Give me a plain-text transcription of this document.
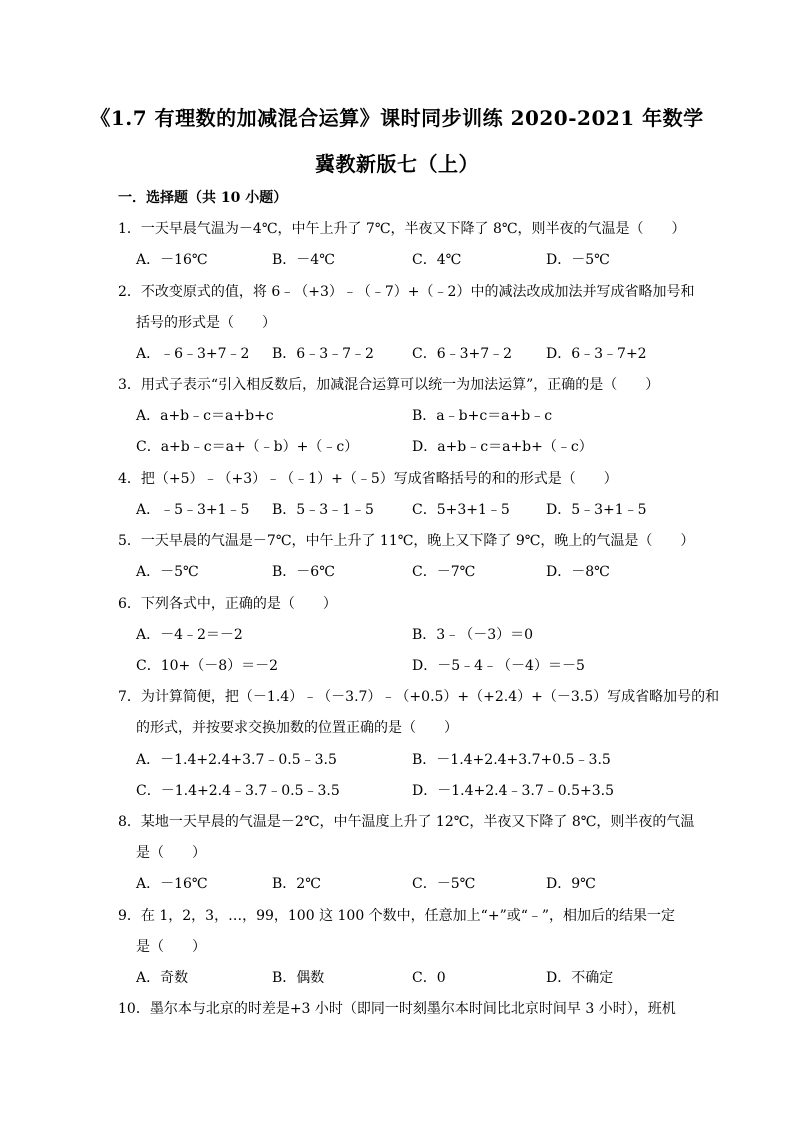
《1.7 有理数的加减混合运算》课时同步训练 2020-2021 年数学
冀教新版七（上）
一．选择题（共 10 小题）
1．一天早晨气温为－4℃，中午上升了 7℃，半夜又下降了 8℃，则半夜的气温是（　　）
A．－16℃	B．－4℃	C．4℃	D．－5℃
2．不改变原式的值，将 6﹣（+3）﹣（﹣7）+（﹣2）中的减法改成加法并写成省略加号和
括号的形式是（　　）
A．﹣6﹣3+7﹣2 B．6﹣3﹣7﹣2	C．6﹣3+7﹣2 D．6﹣3﹣7+2
3．用式子表示“引入相反数后，加减混合运算可以统一为加法运算”，正确的是（　　）
A．a+b﹣c＝a+b+c	B．a﹣b+c＝a+b﹣c
C．a+b﹣c＝a+（﹣b）+（﹣c）	D．a+b﹣c＝a+b+（﹣c）
4．把（+5）﹣（+3）﹣（﹣1）+（﹣5）写成省略括号的和的形式是（　　）
A．﹣5﹣3+1﹣5 B．5﹣3﹣1﹣5	C．5+3+1﹣5	D．5﹣3+1﹣5
5．一天早晨的气温是－7℃，中午上升了 11℃，晚上又下降了 9℃，晚上的气温是（　　）
A．－5℃	B．－6℃	C．－7℃	D．－8℃
6．下列各式中，正确的是（　　）
A．－4﹣2＝－2	B．3﹣（－3）＝0
C．10+（－8）＝－2	D．－5﹣4﹣（－4）＝－5
7．为计算简便，把（－1.4）﹣（－3.7）﹣（+0.5）+（+2.4）+（－3.5）写成省略加号的和
的形式，并按要求交换加数的位置正确的是（　　）
A．－1.4+2.4+3.7﹣0.5﹣3.5	B．－1.4+2.4+3.7+0.5﹣3.5
C．－1.4+2.4﹣3.7﹣0.5﹣3.5	D．－1.4+2.4﹣3.7﹣0.5+3.5
8．某地一天早晨的气温是－2℃，中午温度上升了 12℃，半夜又下降了 8℃，则半夜的气温
是（　　）
A．－16℃	B．2℃	C．－5℃	D．9℃
9．在 1，2，3，…，99，100 这 100 个数中，任意加上“+”或“﹣”，相加后的结果一定
是（　　）
A．奇数	B．偶数	C．0	D．不确定
10．墨尔本与北京的时差是+3 小时（即同一时刻墨尔本时间比北京时间早 3 小时），班机
